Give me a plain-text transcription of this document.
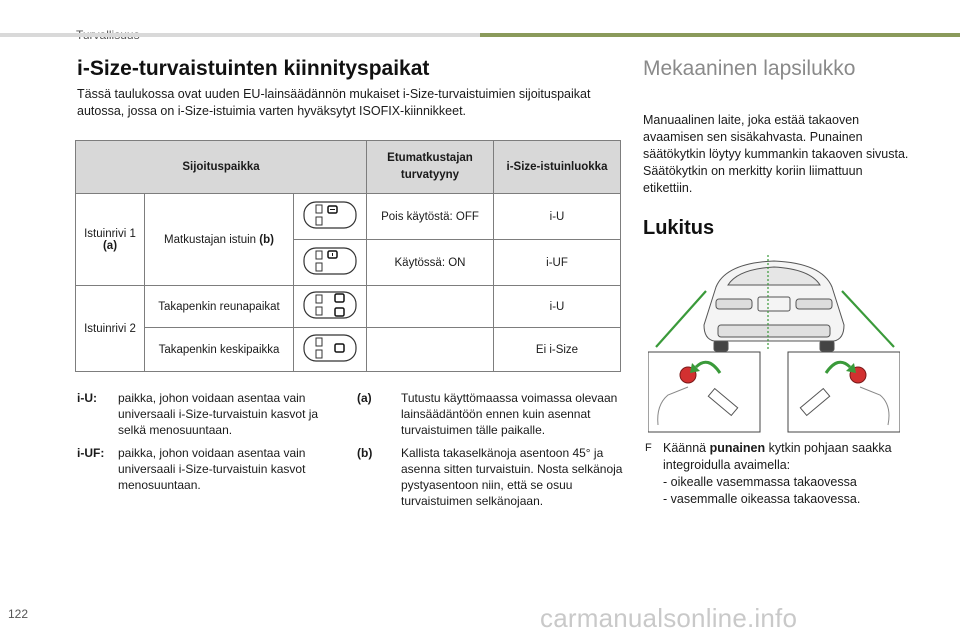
i-Size-turvaistuinten kiinnityspaikat
Tässä taulukossa ovat uuden EU-lainsäädännön mukaiset i-Size-turvaistuimien sijoituspaikat autossa, jossa on i-Size-istuimia varten hyväksytyt ISOFIX-kiinnikkeet.
Sijoituspaikka			Etumatkustajan turvatyyny	i-Size-istuinluokka
Istuinrivi 1
(a)	Matkustajan istuin (b)		Pois käytöstä: OFF	i-U
	Käytössä: ON	i-UF
Istuinrivi 2	Takapenkin reunapaikat			i-U
	Takapenkin keskipaikka			Ei i-Size
i-U: paikka, johon voidaan asentaa vain universaali i-Size-turvaistuin kasvot ja selkä menosuuntaan.
i-UF: paikka, johon voidaan asentaa vain universaali i-Size-turvaistuin kasvot menosuuntaan.
(a) Tutustu käyttömaassa voimassa olevaan lainsäädäntöön ennen kuin asennat turvaistuimen tälle paikalle.
(b) Kallista takaselkänoja asentoon 45° ja asenna sitten turvaistuin. Nosta selkänoja pystyasentoon niin, että se osuu turvaistuimen selkänojaan.
Mekaaninen lapsilukko
Manuaalinen laite, joka estää takaoven avaamisen sen sisäkahvasta. Punainen säätökytkin löytyy kummankin takaoven sivusta. Säätökytkin on merkitty koriin liimattuun etikettiin.
Lukitus
F Käännä punainen kytkin pohjaan saakka integroidulla avaimella:
- oikealle vasemmassa takaovessa
- vasemmalle oikeassa takaovessa.
122	carmanualsonline.info
